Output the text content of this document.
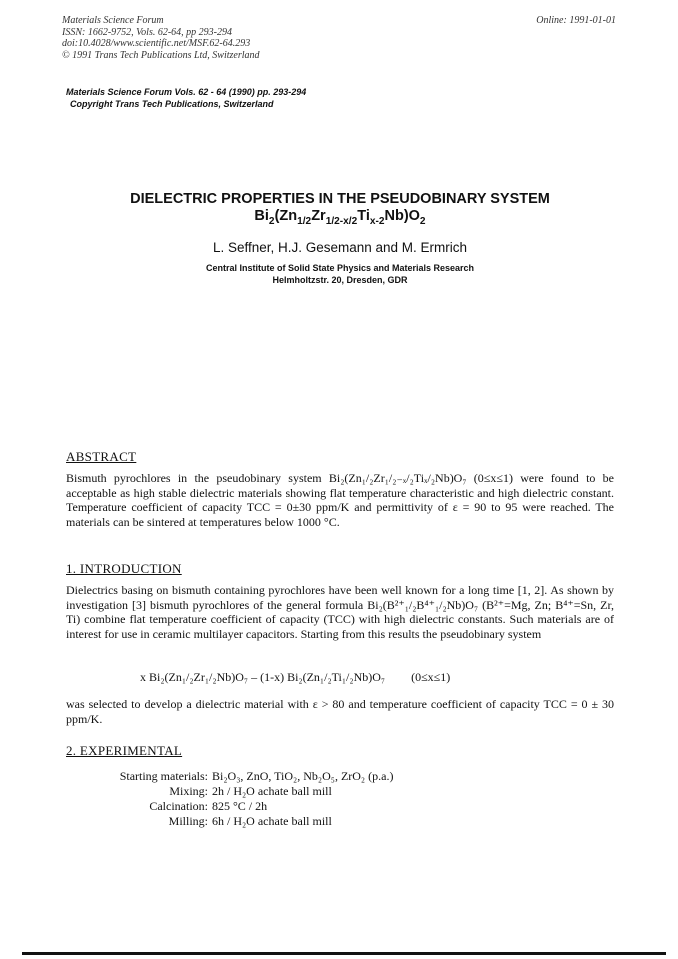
Materials Science Forum
ISSN: 1662-9752, Vols. 62-64, pp 293-294
doi:10.4028/www.scientific.net/MSF.62-64.293
© 1991 Trans Tech Publications Ltd, Switzerland
Online: 1991-01-01
Materials Science Forum Vols. 62 - 64 (1990) pp. 293-294
Copyright Trans Tech Publications, Switzerland
DIELECTRIC PROPERTIES IN THE PSEUDOBINARY SYSTEM
$Bi_2(Zn_{1/2}Zr_{1/2-x/2}Ti_{x-2}Nb)O_2$
L. Seffner, H.J. Gesemann and M. Ermrich
Central Institute of Solid State Physics and Materials Research
Helmholtzstr. 20, Dresden, GDR
ABSTRACT

Bismuth pyrochlores in the pseudobinary system Bi₂(Zn₁/₂Zr₁/₂₋ₓ/₂Tiₓ/₂Nb)O₇ (0≤x≤1) were found to be acceptable as high stable dielectric materials showing flat temperature characteristic and high dielectric constant. Temperature coefficient of capacity TCC = 0±30 ppm/K and permittivity of ε = 90 to 95 were reached. The materials can be sintered at temperatures below 1000 °C.

1. INTRODUCTION

Dielectrics basing on bismuth containing pyrochlores have been well known for a long time [1, 2]. As shown by investigation [3] bismuth pyrochlores of the general formula Bi₂(B²⁺₁/₂B⁴⁺₁/₂Nb)O₇ (B²⁺=Mg, Zn; B⁴⁺=Sn, Zr, Ti) combine flat temperature coefficient of capacity (TCC) with high dielectric constants. Such materials are of interest for use in ceramic multilayer capacitors. Starting from this results the pseudobinary system

x Bi₂(Zn₁/₂Zr₁/₂Nb)O₇ – (1-x) Bi₂(Zn₁/₂Ti₁/₂Nb)O₇ (0≤x≤1)

was selected to develop a dielectric material with ε > 80 and temperature coefficient of capacity TCC = 0 ± 30 ppm/K.

2. EXPERIMENTAL
Starting materials: Bi₂O₃, ZnO, TiO₂, Nb₂O₅, ZrO₂ (p.a.)
Mixing: 2h / H₂O achate ball mill
Calcination: 825 °C / 2h
Milling: 6h / H₂O achate ball mill
